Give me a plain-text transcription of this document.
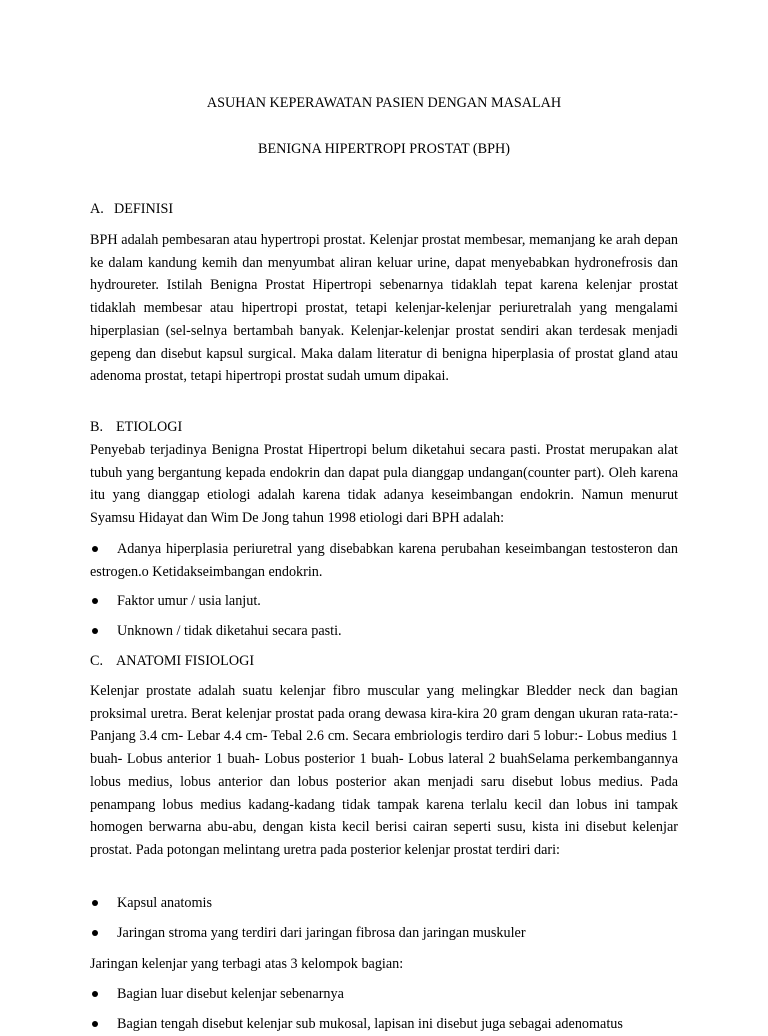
ASUHAN KEPERAWATAN PASIEN DENGAN MASALAH
BENIGNA HIPERTROPI PROSTAT (BPH)
A. DEFINISI

BPH adalah pembesaran atau hypertropi prostat. Kelenjar prostat membesar, memanjang ke arah depan ke dalam kandung kemih dan menyumbat aliran keluar urine, dapat menyebabkan hydronefrosis dan hydroureter. Istilah Benigna Prostat Hipertropi sebenarnya tidaklah tepat karena kelenjar prostat tidaklah membesar atau hipertropi prostat, tetapi kelenjar-kelenjar periuretralah yang mengalami hiperplasian (sel-selnya bertambah banyak. Kelenjar-kelenjar prostat sendiri akan terdesak menjadi gepeng dan disebut kapsul surgical. Maka dalam literatur di benigna hiperplasia of prostat gland atau adenoma prostat, tetapi hipertropi prostat sudah umum dipakai.

B. ETIOLOGI

Penyebab terjadinya Benigna Prostat Hipertropi belum diketahui secara pasti. Prostat merupakan alat tubuh yang bergantung kepada endokrin dan dapat pula dianggap undangan(counter part). Oleh karena itu yang dianggap etiologi adalah karena tidak adanya keseimbangan endokrin. Namun menurut Syamsu Hidayat dan Wim De Jong tahun 1998 etiologi dari BPH adalah:

Adanya hiperplasia periuretral yang disebabkan karena perubahan keseimbangan testosteron dan estrogen.o Ketidakseimbangan endokrin.
Faktor umur / usia lanjut.
Unknown / tidak diketahui secara pasti.
C. ANATOMI FISIOLOGI

Kelenjar prostate adalah suatu kelenjar fibro muscular yang melingkar Bledder neck dan bagian proksimal uretra. Berat kelenjar prostat pada orang dewasa kira-kira 20 gram dengan ukuran rata-rata:- Panjang 3.4 cm- Lebar 4.4 cm- Tebal 2.6 cm. Secara embriologis terdiro dari 5 lobur:- Lobus medius 1 buah- Lobus anterior 1 buah- Lobus posterior 1 buah- Lobus lateral 2 buahSelama perkembangannya lobus medius, lobus anterior dan lobus posterior akan menjadi saru disebut lobus medius. Pada penampang lobus medius kadang-kadang tidak tampak karena terlalu kecil dan lobus ini tampak homogen berwarna abu-abu, dengan kista kecil berisi cairan seperti susu, kista ini disebut kelenjar prostat. Pada potongan melintang uretra pada posterior kelenjar prostat terdiri dari:

Kapsul anatomis
Jaringan stroma yang terdiri dari jaringan fibrosa dan jaringan muskuler

Jaringan kelenjar yang terbagi atas 3 kelompok bagian:

Bagian luar disebut kelenjar sebenarnya
Bagian tengah disebut kelenjar sub mukosal, lapisan ini disebut juga sebagai adenomatus
